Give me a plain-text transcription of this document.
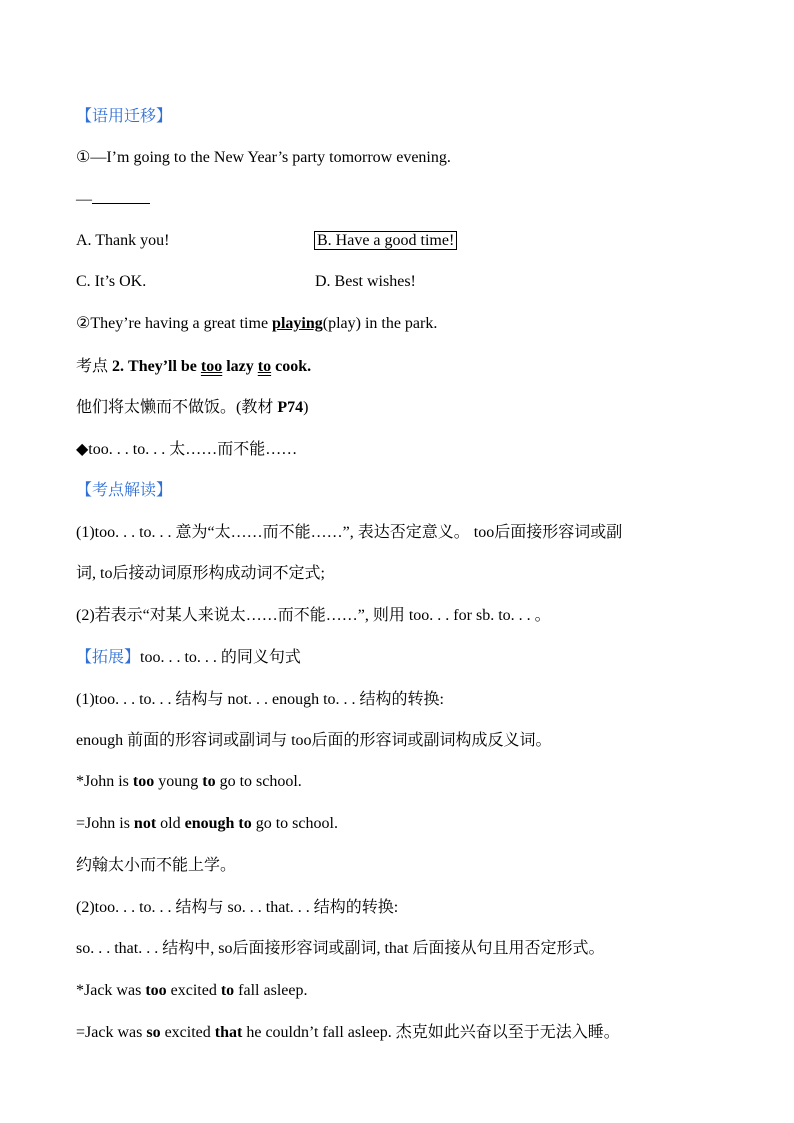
【语用迁移】
①—I’m going to the New Year’s party tomorrow evening.
—
A. Thank you!	B. Have a good time!
C. It’s OK.	D. Best wishes!
②They’re having a great time playing(play) in the park.
考点 2. They’ll be too lazy to cook.
他们将太懒而不做饭。(教材 P74)
◆too. . . to. . . 太……而不能……
【考点解读】
(1)too. . . to. . . 意为“太……而不能……”, 表达否定意义。 too后面接形容词或副
词, to后接动词原形构成动词不定式;
(2)若表示“对某人来说太……而不能……”, 则用 too. . . for sb. to. . . 。
【拓展】too. . . to. . . 的同义句式
(1)too. . . to. . . 结构与 not. . . enough to. . . 结构的转换:
enough 前面的形容词或副词与 too后面的形容词或副词构成反义词。
*John is too young to go to school.
=John is not old enough to go to school.
约翰太小而不能上学。
(2)too. . . to. . . 结构与 so. . . that. . . 结构的转换:
so. . . that. . . 结构中, so后面接形容词或副词, that 后面接从句且用否定形式。
*Jack was too excited to fall asleep.
=Jack was so excited that he couldn’t fall asleep. 杰克如此兴奋以至于无法入睡。
